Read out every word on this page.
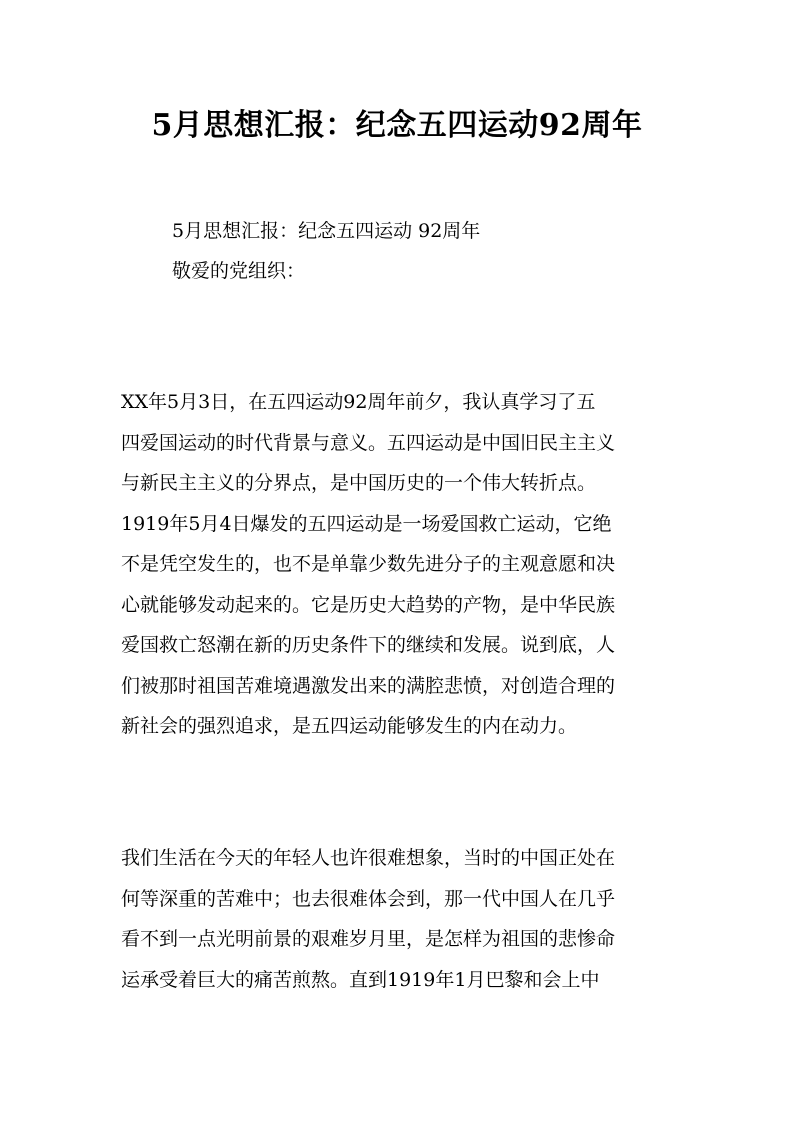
5月思想汇报：纪念五四运动92周年

5月思想汇报：纪念五四运动 92周年

敬爱的党组织：

XX年5月3日，在五四运动92周年前夕，我认真学习了五
四爱国运动的时代背景与意义。五四运动是中国旧民主主义
与新民主主义的分界点，是中国历史的一个伟大转折点。
1919年5月4日爆发的五四运动是一场爱国救亡运动，它绝
不是凭空发生的，也不是单靠少数先进分子的主观意愿和决
心就能够发动起来的。它是历史大趋势的产物，是中华民族
爱国救亡怒潮在新的历史条件下的继续和发展。说到底，人
们被那时祖国苦难境遇激发出来的满腔悲愤，对创造合理的
新社会的强烈追求，是五四运动能够发生的内在动力。
我们生活在今天的年轻人也许很难想象，当时的中国正处在
何等深重的苦难中；也去很难体会到，那一代中国人在几乎
看不到一点光明前景的艰难岁月里，是怎样为祖国的悲惨命
运承受着巨大的痛苦煎熬。直到1919年1月巴黎和会上中
